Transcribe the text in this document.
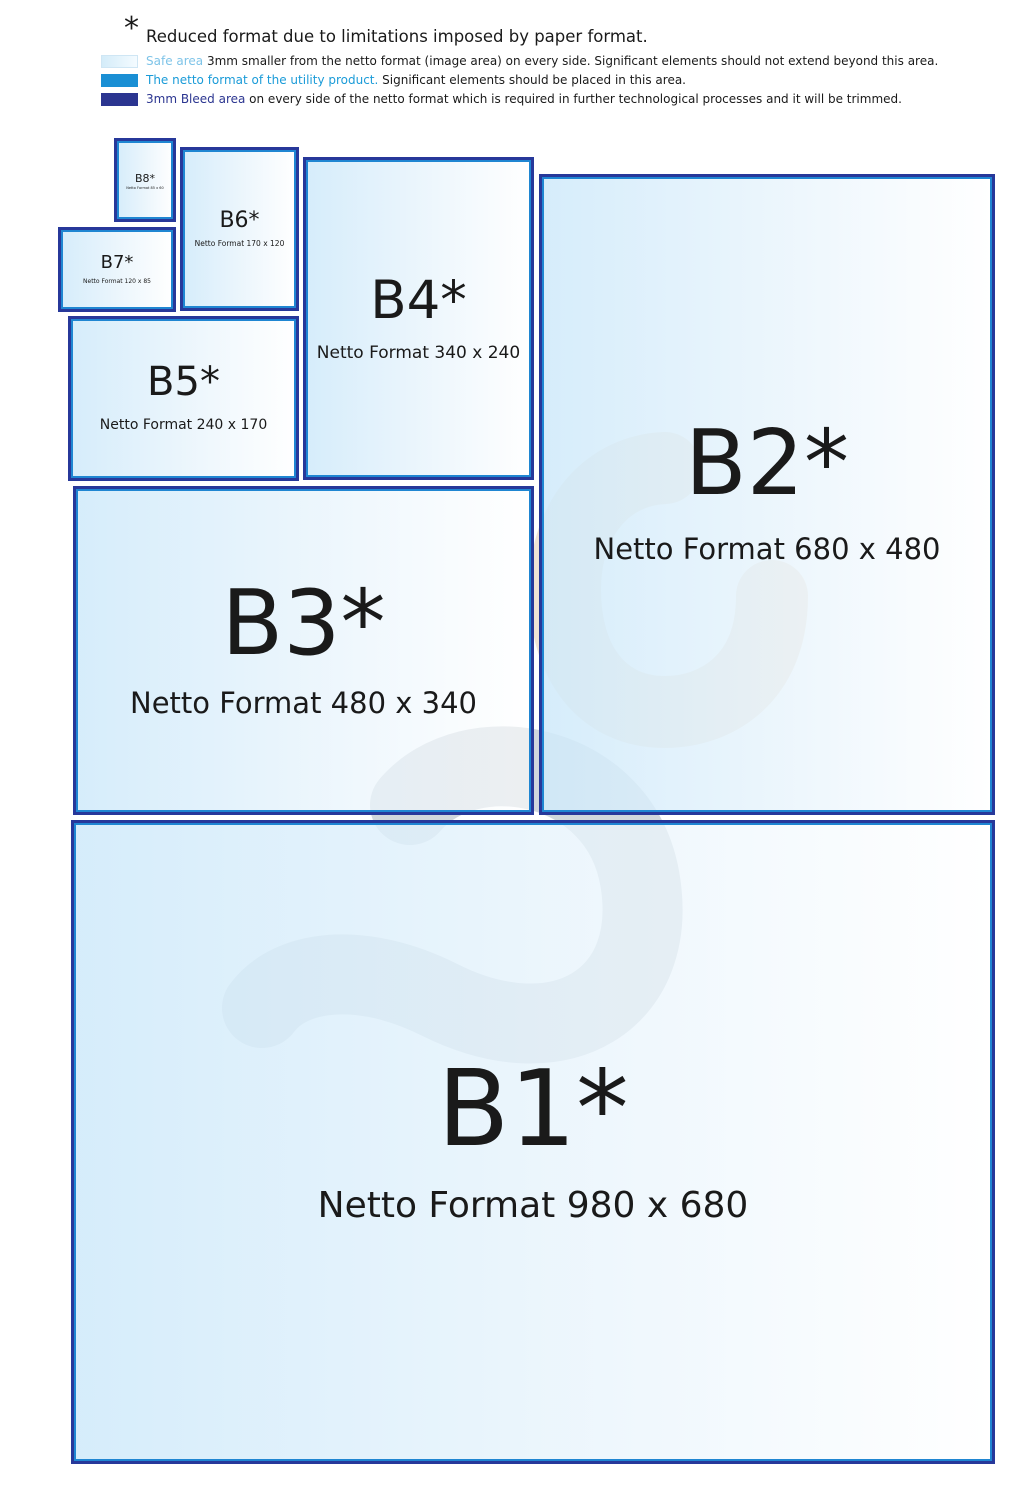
* Reduced format due to limitations imposed by paper format.
Safe area 3mm smaller from the netto format (image area) on every side. Significant elements should not extend beyond this area.
The netto format of the utility product. Significant elements should be placed in this area.
3mm Bleed area on every side of the netto format which is required in further technological processes and it will be trimmed.
B8*
Netto Format 85 x 60
B6*
Netto Format 170 x 120
B7*
Netto Format 120 x 85
B5*
Netto Format 240 x 170
B4*
Netto Format 340 x 240
B2*
Netto Format 680 x 480
B3*
Netto Format 480 x 340
B1*
Netto Format 980 x 680
